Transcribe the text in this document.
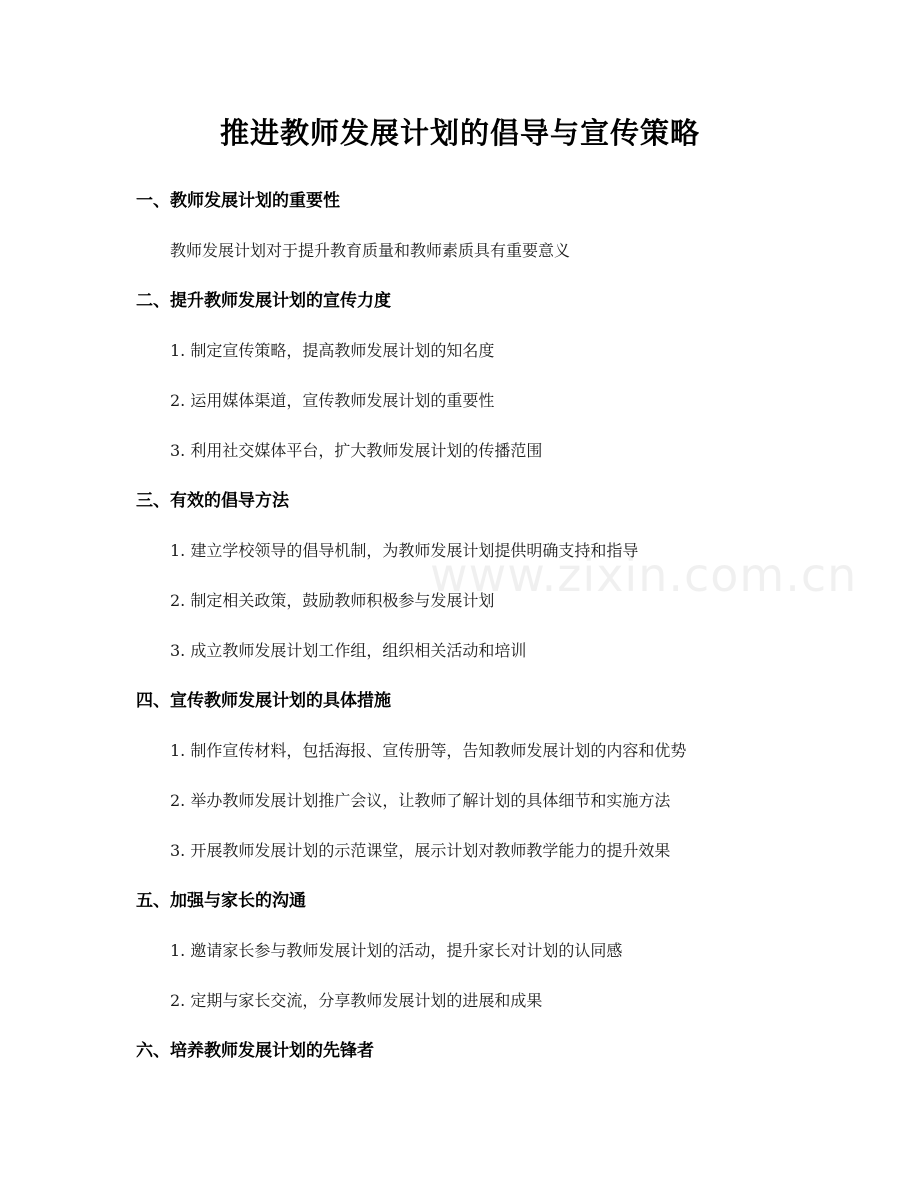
推进教师发展计划的倡导与宣传策略
一、教师发展计划的重要性
教师发展计划对于提升教育质量和教师素质具有重要意义
二、提升教师发展计划的宣传力度
1. 制定宣传策略，提高教师发展计划的知名度
2. 运用媒体渠道，宣传教师发展计划的重要性
3. 利用社交媒体平台，扩大教师发展计划的传播范围
三、有效的倡导方法
1. 建立学校领导的倡导机制，为教师发展计划提供明确支持和指导
2. 制定相关政策，鼓励教师积极参与发展计划
3. 成立教师发展计划工作组，组织相关活动和培训
四、宣传教师发展计划的具体措施
1. 制作宣传材料，包括海报、宣传册等，告知教师发展计划的内容和优势
2. 举办教师发展计划推广会议，让教师了解计划的具体细节和实施方法
3. 开展教师发展计划的示范课堂，展示计划对教师教学能力的提升效果
五、加强与家长的沟通
1. 邀请家长参与教师发展计划的活动，提升家长对计划的认同感
2. 定期与家长交流，分享教师发展计划的进展和成果
六、培养教师发展计划的先锋者
www.zixin.com.cn
